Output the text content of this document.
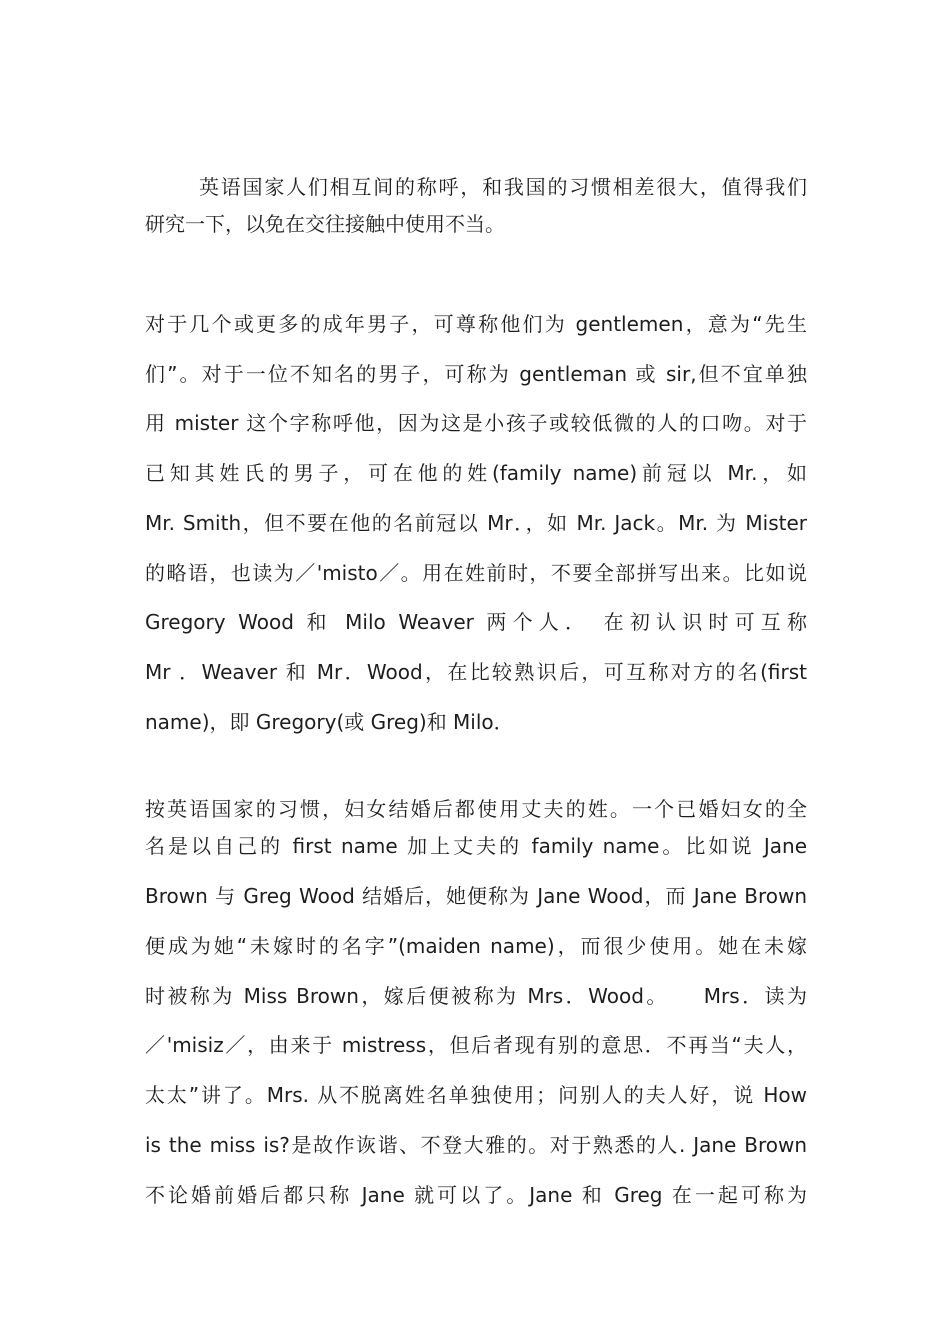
英语国家人们相互间的称呼，和我国的习惯相差很大，值得我们
研究一下，以免在交往接触中使用不当。
对于几个或更多的成年男子，可尊称他们为 gentlemen，意为“先生
们”。对于一位不知名的男子，可称为 gentleman 或 sir,但不宜单独
用 mister 这个字称呼他，因为这是小孩子或较低微的人的口吻。对于
已知其姓氏的男子，可在他的姓(family name)前冠以 Mr.，如
Mr. Smith，但不要在他的名前冠以 Mr．，如 Mr. Jack。Mr. 为 Mister
的略语，也读为／'misto／。用在姓前时，不要全部拼写出来。比如说
Gregory Wood 和 Milo Weaver 两个人． 在初认识时可互称
Mr ．Weaver 和 Mr．Wood，在比较熟识后，可互称对方的名(first
name)，即 Gregory(或 Greg)和 Milo．
按英语国家的习惯，妇女结婚后都使用丈夫的姓。一个已婚妇女的全
名是以自己的 first name 加上丈夫的 family name。比如说 Jane
Brown 与 Greg Wood 结婚后，她便称为 Jane Wood，而 Jane Brown
便成为她“未嫁时的名字”(maiden name)，而很少使用。她在未嫁
时被称为 Miss Brown，嫁后便被称为 Mrs．Wood。　　Mrs．读为
／'misiz／，由来于 mistress，但后者现有别的意思．不再当“夫人，
太太”讲了。Mrs. 从不脱离姓名单独使用；问别人的夫人好，说 How
is the miss is?是故作诙谐、不登大雅的。对于熟悉的人. Jane Brown
不论婚前婚后都只称 Jane 就可以了。Jane 和 Greg 在一起可称为
